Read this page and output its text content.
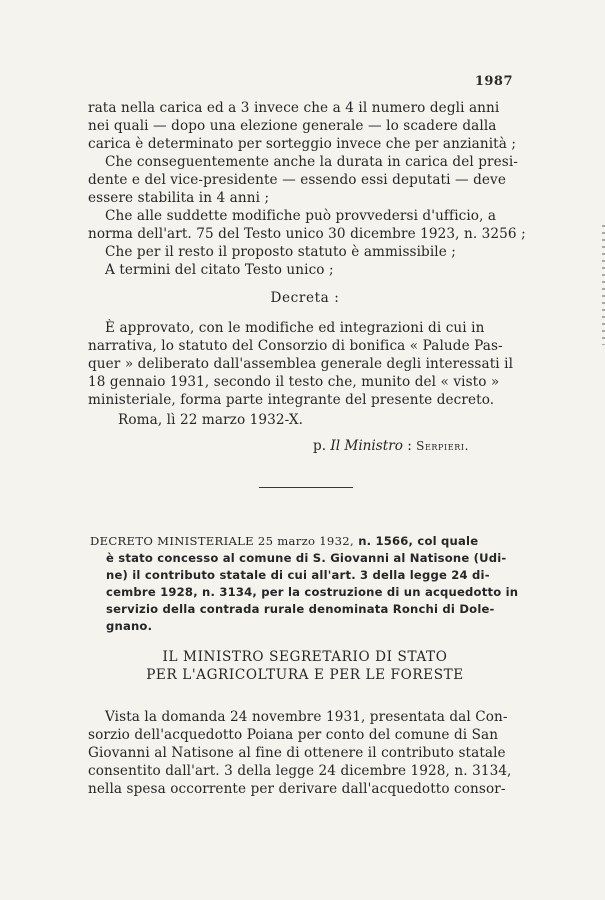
1987
rata nella carica ed a 3 invece che a 4 il numero degli anni
nei quali — dopo una elezione generale — lo scadere dalla
carica è determinato per sorteggio invece che per anzianità ;
Che conseguentemente anche la durata in carica del presi-
dente e del vice-presidente — essendo essi deputati — deve
essere stabilita in 4 anni ;
Che alle suddette modifiche può provvedersi d'ufficio, a
norma dell'art. 75 del Testo unico 30 dicembre 1923, n. 3256 ;
Che per il resto il proposto statuto è ammissibile ;
A termini del citato Testo unico ;
Decreta :
È approvato, con le modifiche ed integrazioni di cui in
narrativa, lo statuto del Consorzio di bonifica « Palude Pas-
quer » deliberato dall'assemblea generale degli interessati il
18 gennaio 1931, secondo il testo che, munito del « visto »
ministeriale, forma parte integrante del presente decreto.
Roma, lì 22 marzo 1932-X.
p. Il Ministro : Serpieri.
DECRETO MINISTERIALE 25 marzo 1932, n. 1566, col quale
è stato concesso al comune di S. Giovanni al Natisone (Udi-
ne) il contributo statale di cui all'art. 3 della legge 24 di-
cembre 1928, n. 3134, per la costruzione di un acquedotto in
servizio della contrada rurale denominata Ronchi di Dole-
gnano.
IL MINISTRO SEGRETARIO DI STATO
PER L'AGRICOLTURA E PER LE FORESTE
Vista la domanda 24 novembre 1931, presentata dal Con-
sorzio dell'acquedotto Poiana per conto del comune di San
Giovanni al Natisone al fine di ottenere il contributo statale
consentito dall'art. 3 della legge 24 dicembre 1928, n. 3134,
nella spesa occorrente per derivare dall'acquedotto consor-
